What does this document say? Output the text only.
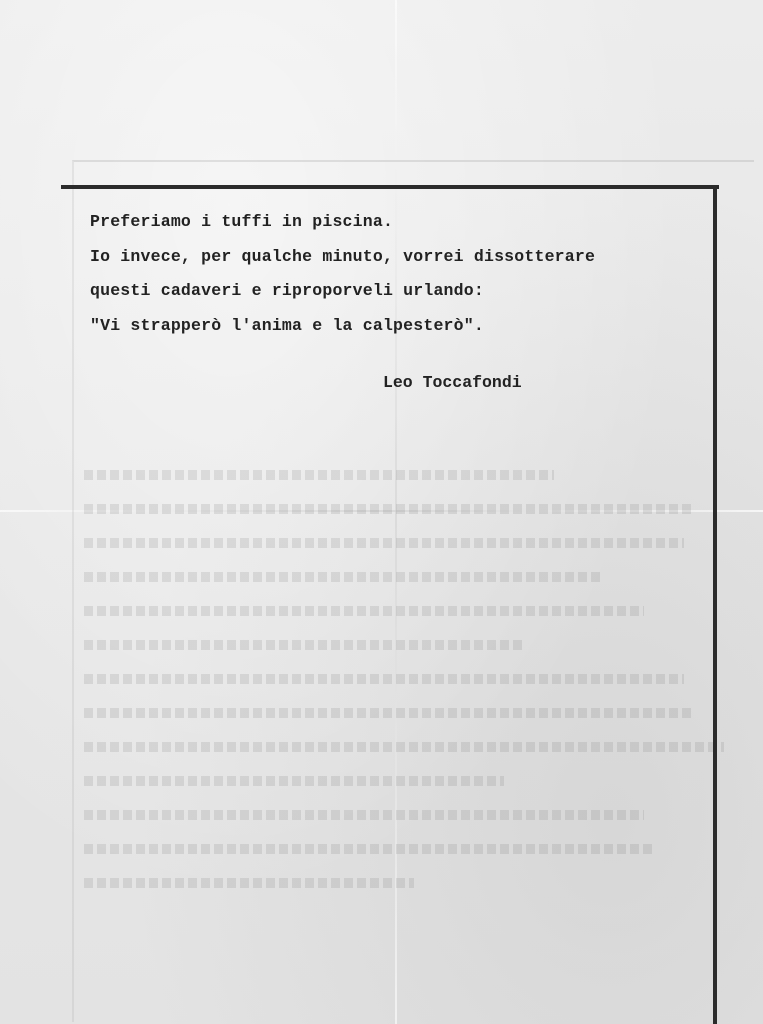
Preferiamo i tuffi in piscina.
Io invece, per qualche minuto, vorrei dissotterare
questi cadaveri e riproporveli urlando:
"Vi strapperò l'anima e la calpesterò".
Leo Toccafondi
